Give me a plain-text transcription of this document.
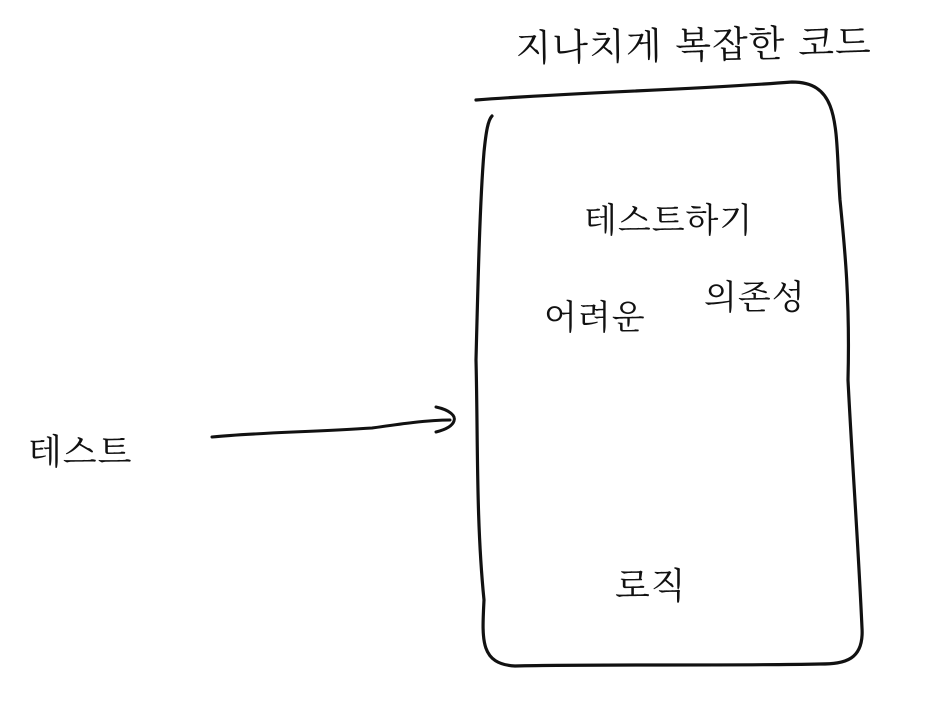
지나치게 복잡한 코드
테스트하기
어려운 의존성
로직
테스트
